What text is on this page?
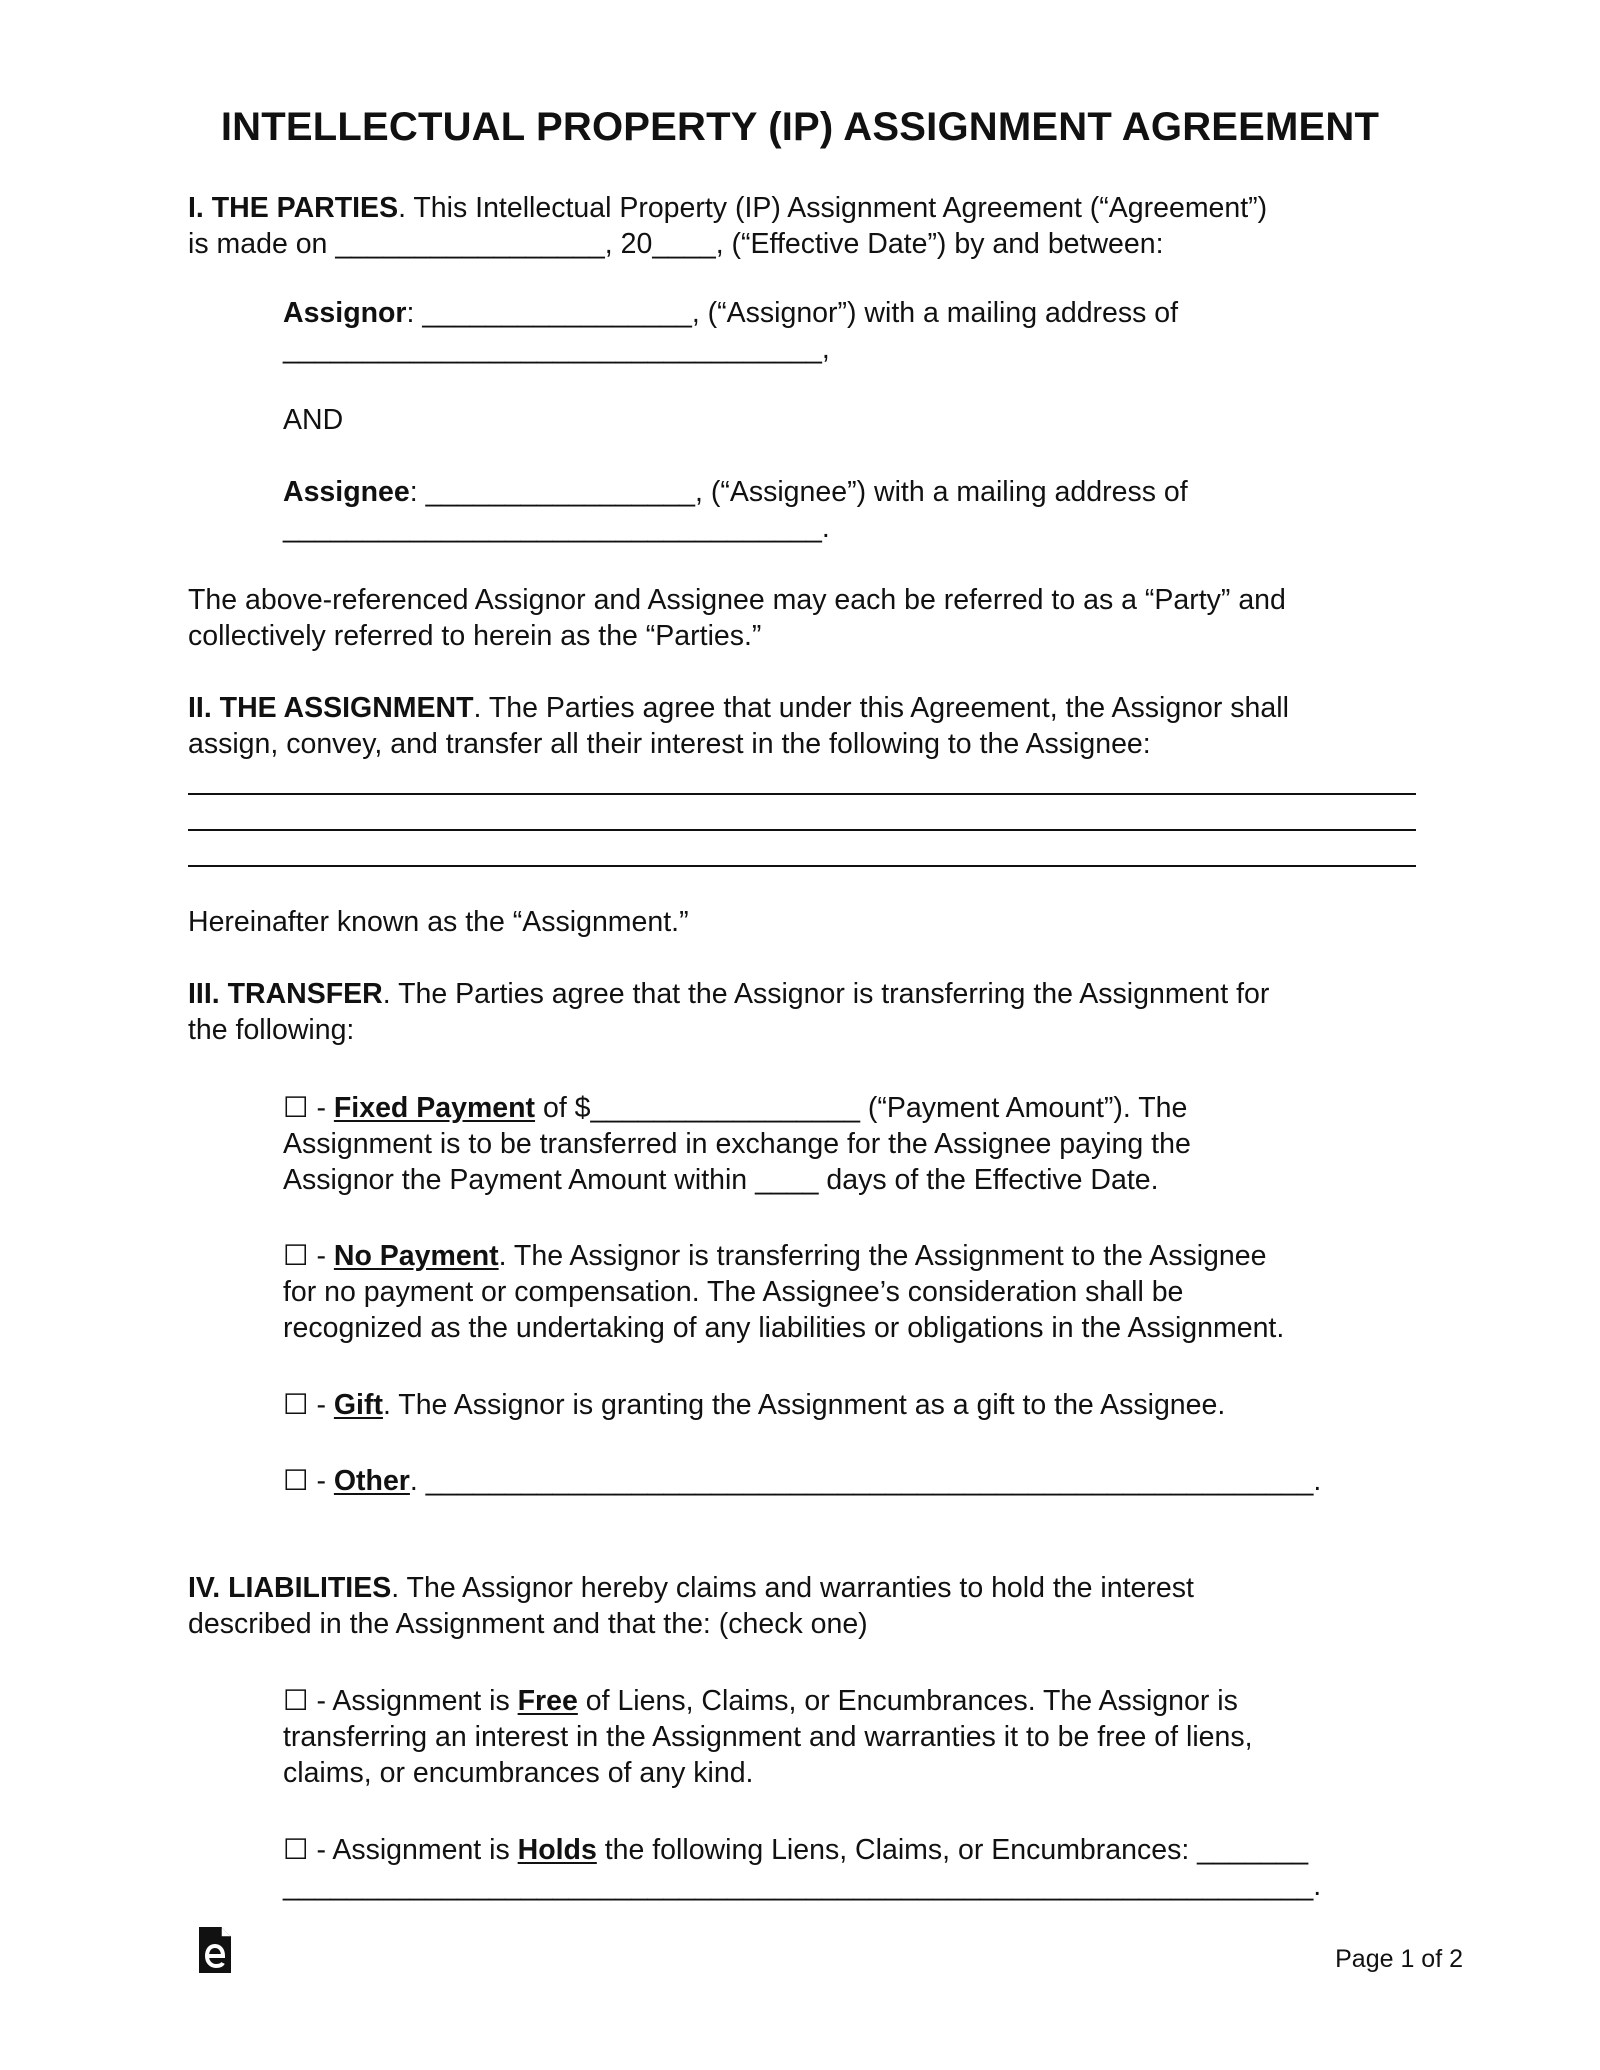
INTELLECTUAL PROPERTY (IP) ASSIGNMENT AGREEMENT
I. THE PARTIES. This Intellectual Property (IP) Assignment Agreement (“Agreement”)
is made on _________________, 20____, (“Effective Date”) by and between:
Assignor: _________________, (“Assignor”) with a mailing address of
__________________________________,
AND
Assignee: _________________, (“Assignee”) with a mailing address of
__________________________________.
The above-referenced Assignor and Assignee may each be referred to as a “Party” and
collectively referred to herein as the “Parties.”
II. THE ASSIGNMENT. The Parties agree that under this Agreement, the Assignor shall
assign, convey, and transfer all their interest in the following to the Assignee:
Hereinafter known as the “Assignment.”
III. TRANSFER. The Parties agree that the Assignor is transferring the Assignment for
the following:
☐ - Fixed Payment of $_________________ (“Payment Amount”). The
Assignment is to be transferred in exchange for the Assignee paying the
Assignor the Payment Amount within ____ days of the Effective Date.
☐ - No Payment. The Assignor is transferring the Assignment to the Assignee
for no payment or compensation. The Assignee’s consideration shall be
recognized as the undertaking of any liabilities or obligations in the Assignment.
☐ - Gift. The Assignor is granting the Assignment as a gift to the Assignee.
☐ - Other. ________________________________________________________.
IV. LIABILITIES. The Assignor hereby claims and warranties to hold the interest
described in the Assignment and that the: (check one)
☐ - Assignment is Free of Liens, Claims, or Encumbrances. The Assignor is
transferring an interest in the Assignment and warranties it to be free of liens,
claims, or encumbrances of any kind.
☐ - Assignment is Holds the following Liens, Claims, or Encumbrances: _______
_________________________________________________________________.
Page 1 of 2
